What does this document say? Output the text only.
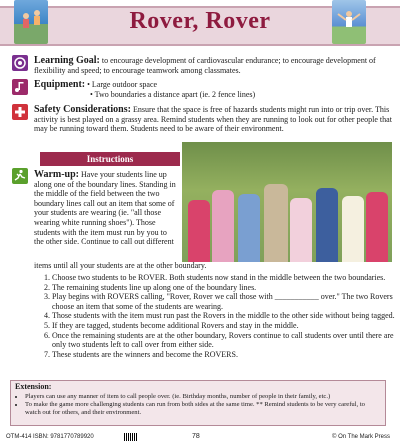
Rover, Rover
Learning Goal: to encourage development of cardiovascular endurance; to encourage development of flexibility and speed; to encourage teamwork among classmates.
Equipment: • Large outdoor space
• Two boundaries a distance apart (ie. 2 fence lines)
Safety Considerations: Ensure that the space is free of hazards students might run into or trip over. This activity is best played on a grassy area. Remind students when they are running to look out for other people that may be running toward them. Students need to be aware of their environment.
Instructions
Warm-up: Have your students line up along one of the boundary lines. Standing in the middle of the field between the two boundary lines call out an item that some of your students are wearing (ie. "all those wearing white running shoes"). Those students with the item must run by you to the other side. Continue to call out different
items until all your students are at the other boundary.
1. Choose two students to be ROVER. Both students now stand in the middle between the two boundaries.
2. The remaining students line up along one of the boundary lines.
3. Play begins with ROVERS calling, "Rover, Rover we call those with ___________ over." The two Rovers choose an item that some of the students are wearing.
4. Those students with the item must run past the Rovers in the middle to the other side without being tagged.
5. If they are tagged, students become additional Rovers and stay in the middle.
6. Once the remaining students are at the other boundary, Rovers continue to call students over until there are only two students left to call over from either side.
7. These students are the winners and become the ROVERS.
Extension:
• Players can use any manner of item to call people over. (ie. Birthday months, number of people in their family, etc.)
• To make the game more challenging students can run from both sides at the same time. ** Remind students to be very careful, to watch out for others, and their environment.
OTM-414 ISBN: 9781770789920	78	© On The Mark Press
